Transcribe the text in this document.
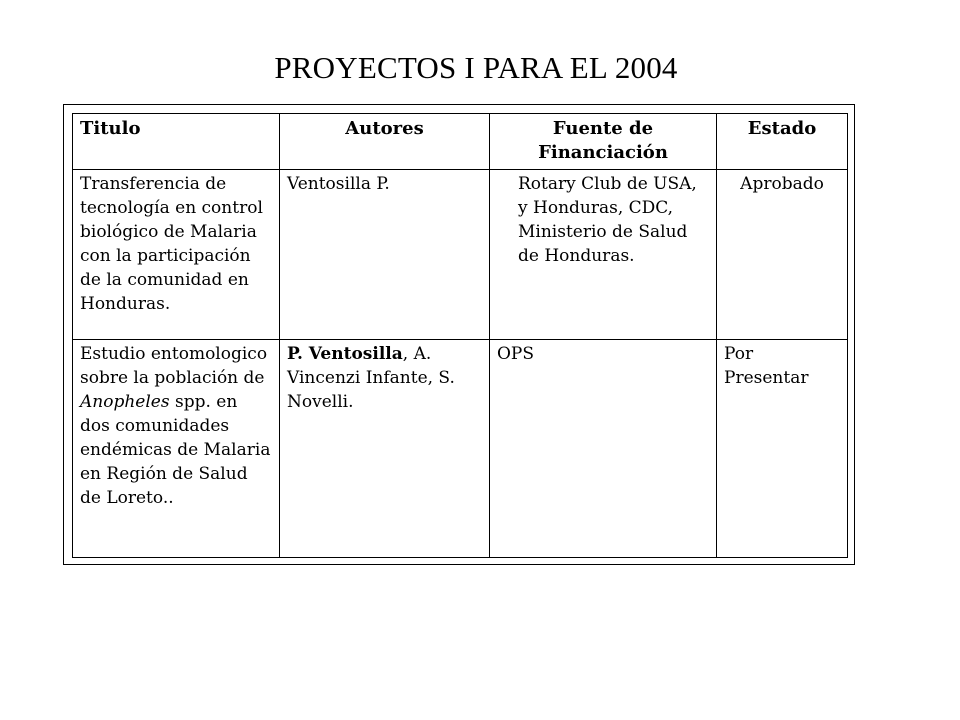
PROYECTOS I PARA EL 2004
Titulo	Autores	Fuente de Financiación	Estado
Transferencia de tecnología en control biológico de Malaria con la participación de la comunidad en Honduras.	Ventosilla P.	Rotary Club de USA, y Honduras, CDC, Ministerio de Salud de Honduras.	Aprobado
Estudio entomologico sobre la población de Anopheles spp. en dos comunidades endémicas de Malaria en Región de Salud de Loreto..	P. Ventosilla, A. Vincenzi Infante, S. Novelli.	OPS	Por Presentar
